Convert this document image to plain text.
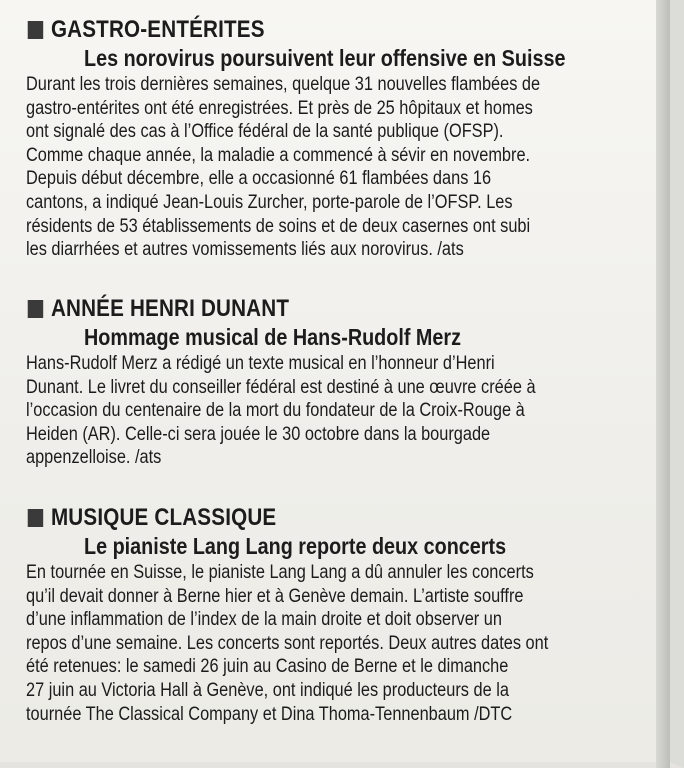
GASTRO-ENTÉRITES
Les norovirus poursuivent leur offensive en Suisse
Durant les trois dernières semaines, quelque 31 nouvelles flambées de
gastro-entérites ont été enregistrées. Et près de 25 hôpitaux et homes
ont signalé des cas à l’Office fédéral de la santé publique (OFSP).
Comme chaque année, la maladie a commencé à sévir en novembre.
Depuis début décembre, elle a occasionné 61 flambées dans 16
cantons, a indiqué Jean-Louis Zurcher, porte-parole de l’OFSP. Les
résidents de 53 établissements de soins et de deux casernes ont subi
les diarrhées et autres vomissements liés aux norovirus. /ats
ANNÉE HENRI DUNANT
Hommage musical de Hans-Rudolf Merz
Hans-Rudolf Merz a rédigé un texte musical en l’honneur d’Henri
Dunant. Le livret du conseiller fédéral est destiné à une œuvre créée à
l’occasion du centenaire de la mort du fondateur de la Croix-Rouge à
Heiden (AR). Celle-ci sera jouée le 30 octobre dans la bourgade
appenzelloise. /ats
MUSIQUE CLASSIQUE
Le pianiste Lang Lang reporte deux concerts
En tournée en Suisse, le pianiste Lang Lang a dû annuler les concerts
qu’il devait donner à Berne hier et à Genève demain. L’artiste souffre
d’une inflammation de l’index de la main droite et doit observer un
repos d’une semaine. Les concerts sont reportés. Deux autres dates ont
été retenues: le samedi 26 juin au Casino de Berne et le dimanche
27 juin au Victoria Hall à Genève, ont indiqué les producteurs de la
tournée The Classical Company et Dina Thoma-Tennenbaum /DTC
